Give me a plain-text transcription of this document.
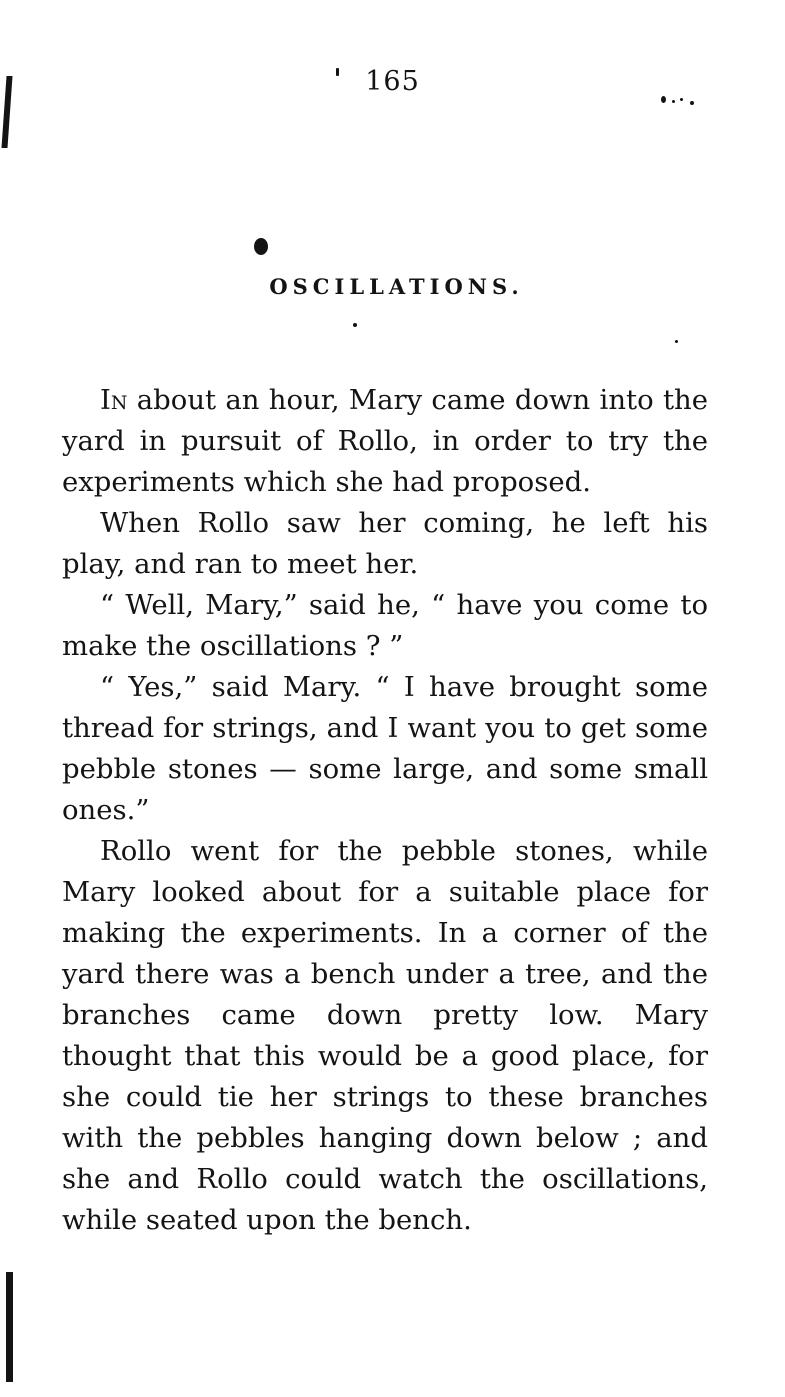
165
OSCILLATIONS.

In about an hour, Mary came down into the yard in pursuit of Rollo, in order to try the experiments which she had proposed.

When Rollo saw her coming, he left his play, and ran to meet her.

“ Well, Mary,” said he, “ have you come to make the oscillations ? ”

“ Yes,” said Mary. “ I have brought some thread for strings, and I want you to get some pebble stones — some large, and some small ones.”

Rollo went for the pebble stones, while Mary looked about for a suitable place for making the experiments. In a corner of the yard there was a bench under a tree, and the branches came down pretty low. Mary thought that this would be a good place, for she could tie her strings to these branches with the pebbles hanging down below ; and she and Rollo could watch the oscillations, while seated upon the bench.
